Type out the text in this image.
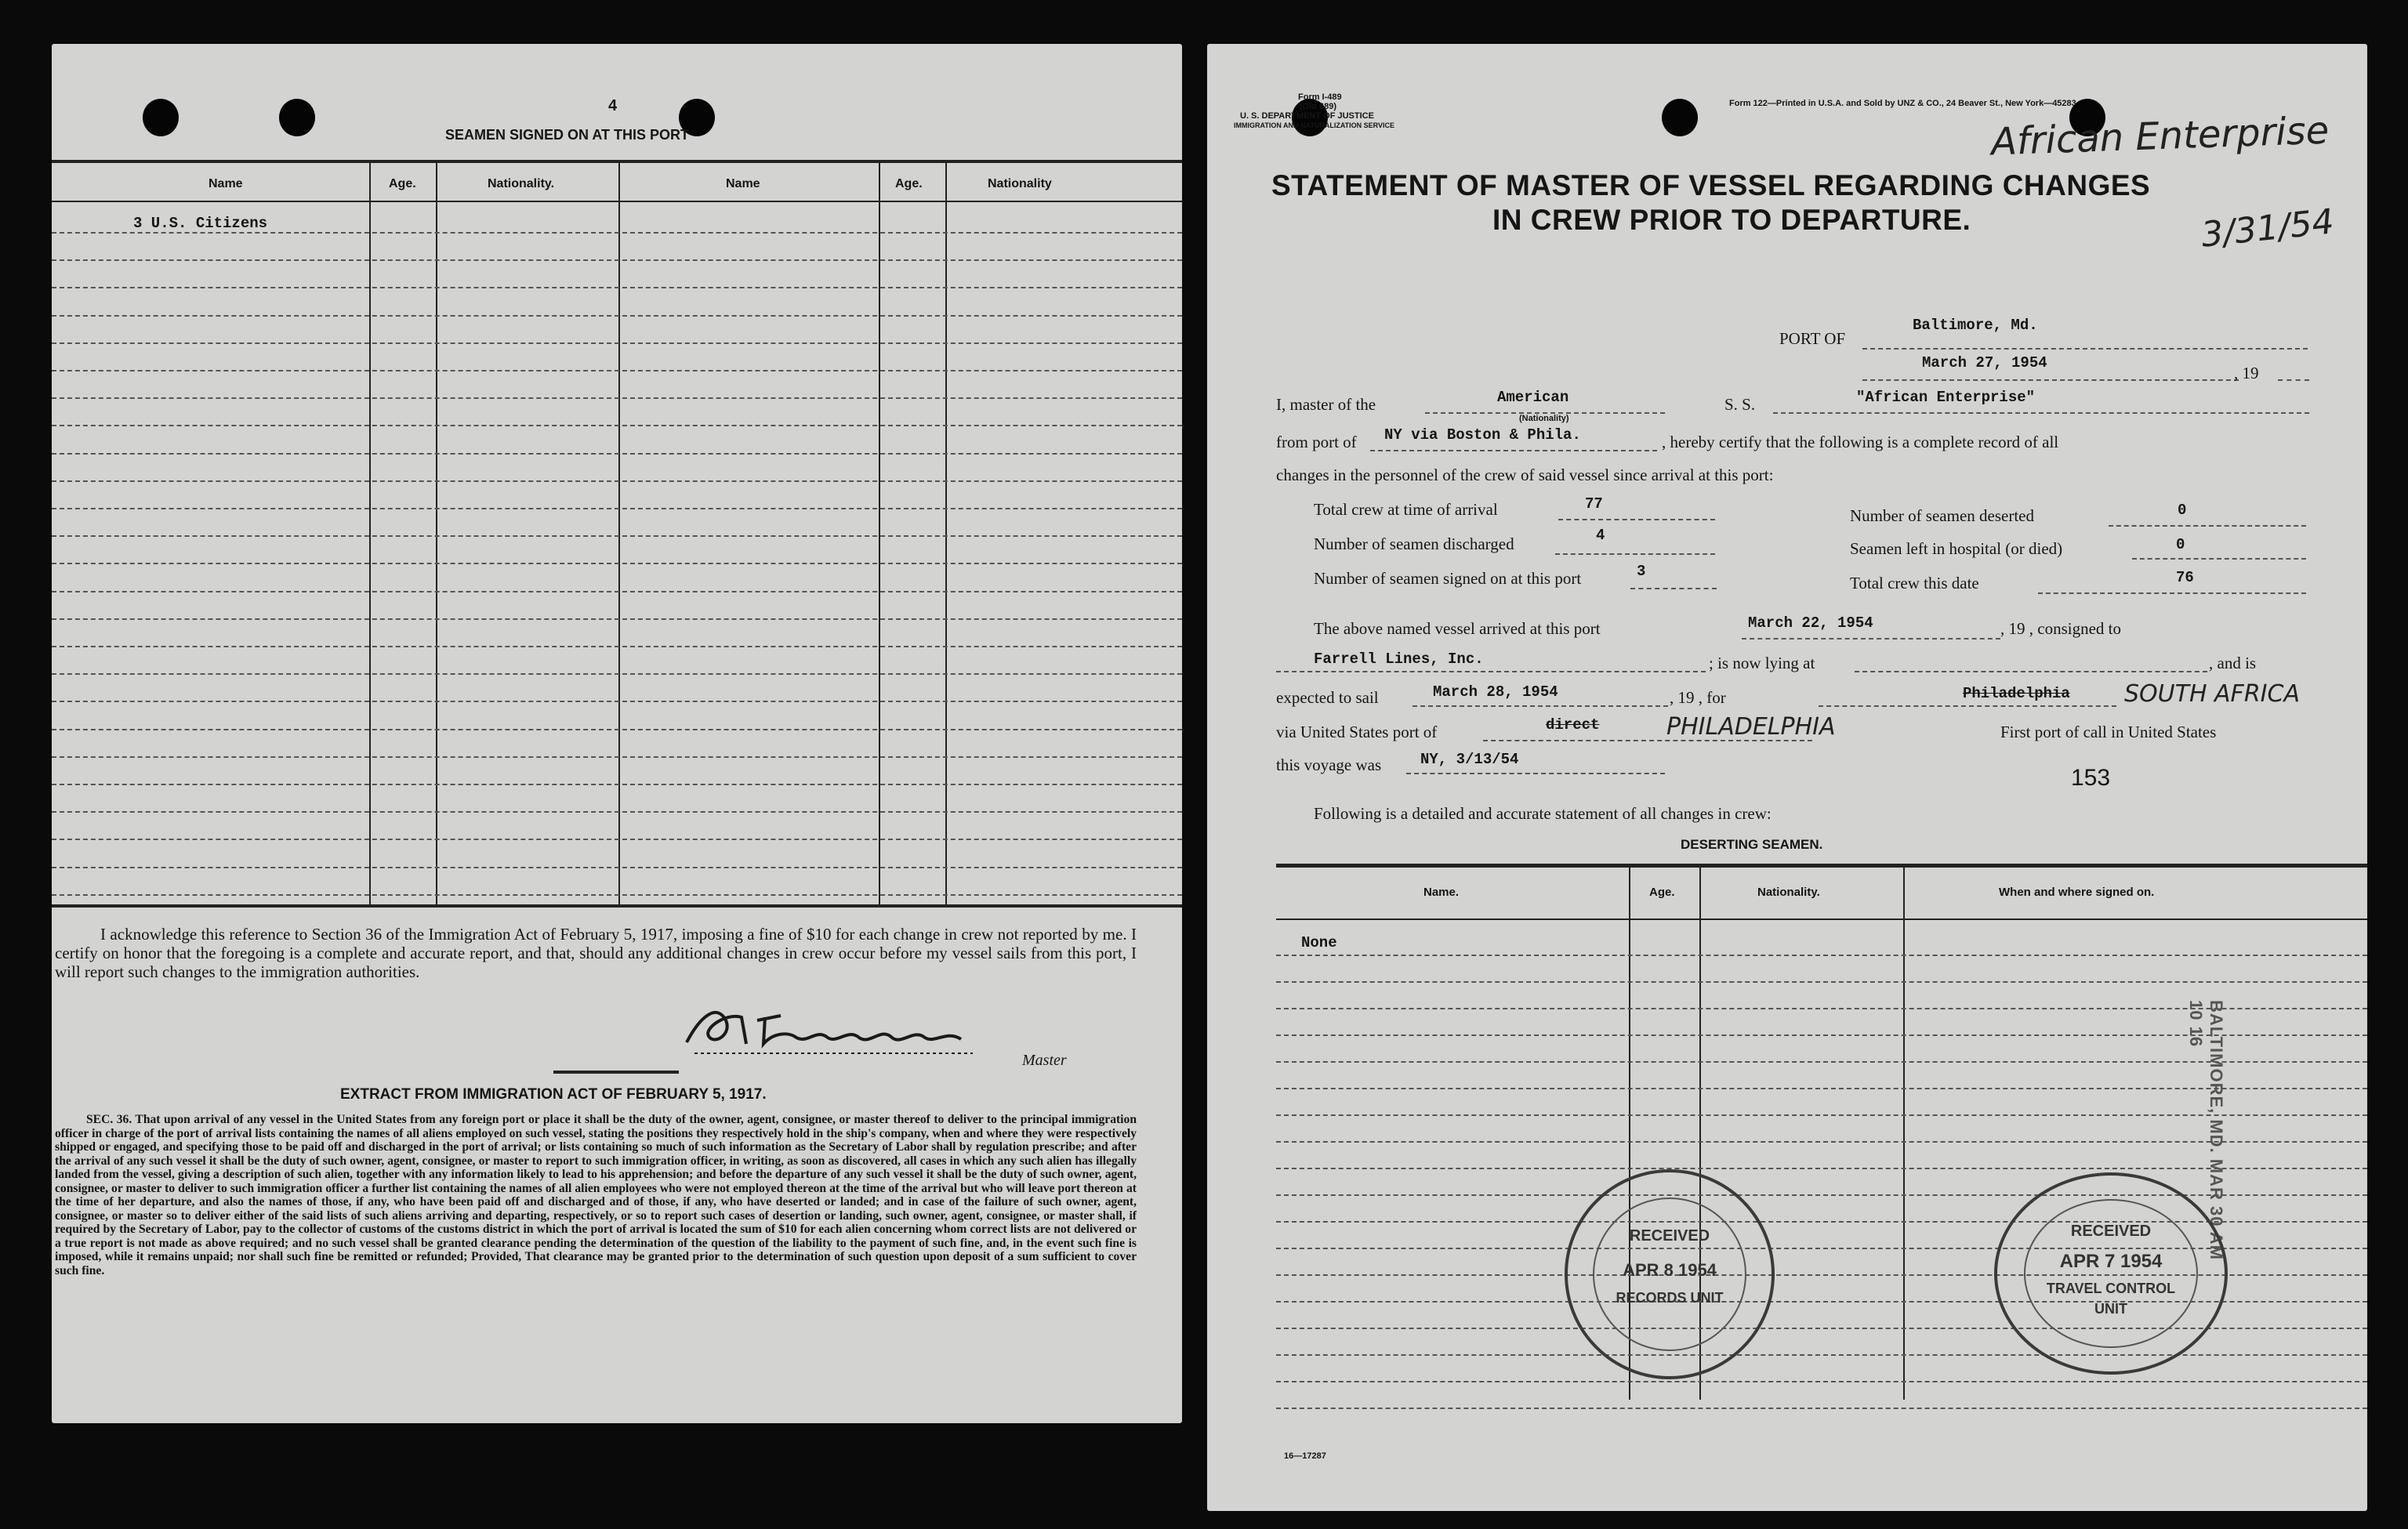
4
SEAMEN SIGNED ON AT THIS PORT
Name	Age.	Nationality.	Name	Age.	Nationality
3 U.S. Citizens
I acknowledge this reference to Section 36 of the Immigration Act of February 5, 1917, imposing a fine of $10 for each change in crew not reported by me. I certify on honor that the foregoing is a complete and accurate report, and that, should any additional changes in crew occur before my vessel sails from this port, I will report such changes to the immigration authorities.
Master
EXTRACT FROM IMMIGRATION ACT OF FEBRUARY 5, 1917.
SEC. 36. That upon arrival of any vessel in the United States from any foreign port or place it shall be the duty of the owner, agent, consignee, or master thereof to deliver to the principal immigration officer in charge of the port of arrival lists containing the names of all aliens employed on such vessel, stating the positions they respectively hold in the ship's company, when and where they were respectively shipped or engaged, and specifying those to be paid off and discharged in the port of arrival; or lists containing so much of such information as the Secretary of Labor shall by regulation prescribe; and after the arrival of any such vessel it shall be the duty of such owner, agent, consignee, or master to report to such immigration officer, in writing, as soon as discovered, all cases in which any such alien has illegally landed from the vessel, giving a description of such alien, together with any information likely to lead to his apprehension; and before the departure of any such vessel it shall be the duty of such owner, agent, consignee, or master to deliver to such immigration officer a further list containing the names of all alien employees who were not employed thereon at the time of the arrival but who will leave port thereon at the time of her departure, and also the names of those, if any, who have been paid off and discharged and of those, if any, who have deserted or landed; and in case of the failure of such owner, agent, consignee, or master so to deliver either of the said lists of such aliens arriving and departing, respectively, or so to report such cases of desertion or landing, such owner, agent, consignee, or master shall, if required by the Secretary of Labor, pay to the collector of customs of the customs district in which the port of arrival is located the sum of $10 for each alien concerning whom correct lists are not delivered or a true report is not made as above required; and no such vessel shall be granted clearance pending the determination of the question of the liability to the payment of such fine, and, in the event such fine is imposed, while it remains unpaid; nor shall such fine be remitted or refunded; Provided, That clearance may be granted prior to the determination of such question upon deposit of a sum sufficient to cover such fine.
Form I-489
(Old 689)
U. S. DEPARTMENT OF JUSTICE
IMMIGRATION AND NATURALIZATION SERVICE
Form 122—Printed in U.S.A. and Sold by UNZ & CO., 24 Beaver St., New York—45283
African Enterprise
3/31/54
STATEMENT OF MASTER OF VESSEL REGARDING CHANGES
IN CREW PRIOR TO DEPARTURE.
PORT OF
Baltimore, Md.
March 27, 1954
, 19
I, master of the	American
(Nationality)
S. S.	"African Enterprise"
from port of NY via Boston & Phila.	, hereby certify that the following is a complete record of all
changes in the personnel of the crew of said vessel since arrival at this port:
Total crew at time of arrival	77
Number of seamen deserted	0
Number of seamen discharged	4
Seamen left in hospital (or died)	0
Number of seamen signed on at this port	3
Total crew this date	76
The above named vessel arrived at this port	March 22, 1954	, 19 , consigned to
Farrell Lines, Inc.	; is now lying at	, and is
expected to sail	March 28, 1954	, 19 , for	Philadelphia SOUTH AFRICA
via United States port of	direct	PHILADELPHIA	First port of call in United States
this voyage was	NY, 3/13/54
153
Following is a detailed and accurate statement of all changes in crew:
DESERTING SEAMEN.
Name.	Age.	Nationality.	When and where signed on.
None
BALTIMORE, MD. MAR 30 AM 10 16
RECEIVED
APR 8 1954
RECORDS UNIT
RECEIVED
APR 7 1954
TRAVEL CONTROL
UNIT
16—17287
